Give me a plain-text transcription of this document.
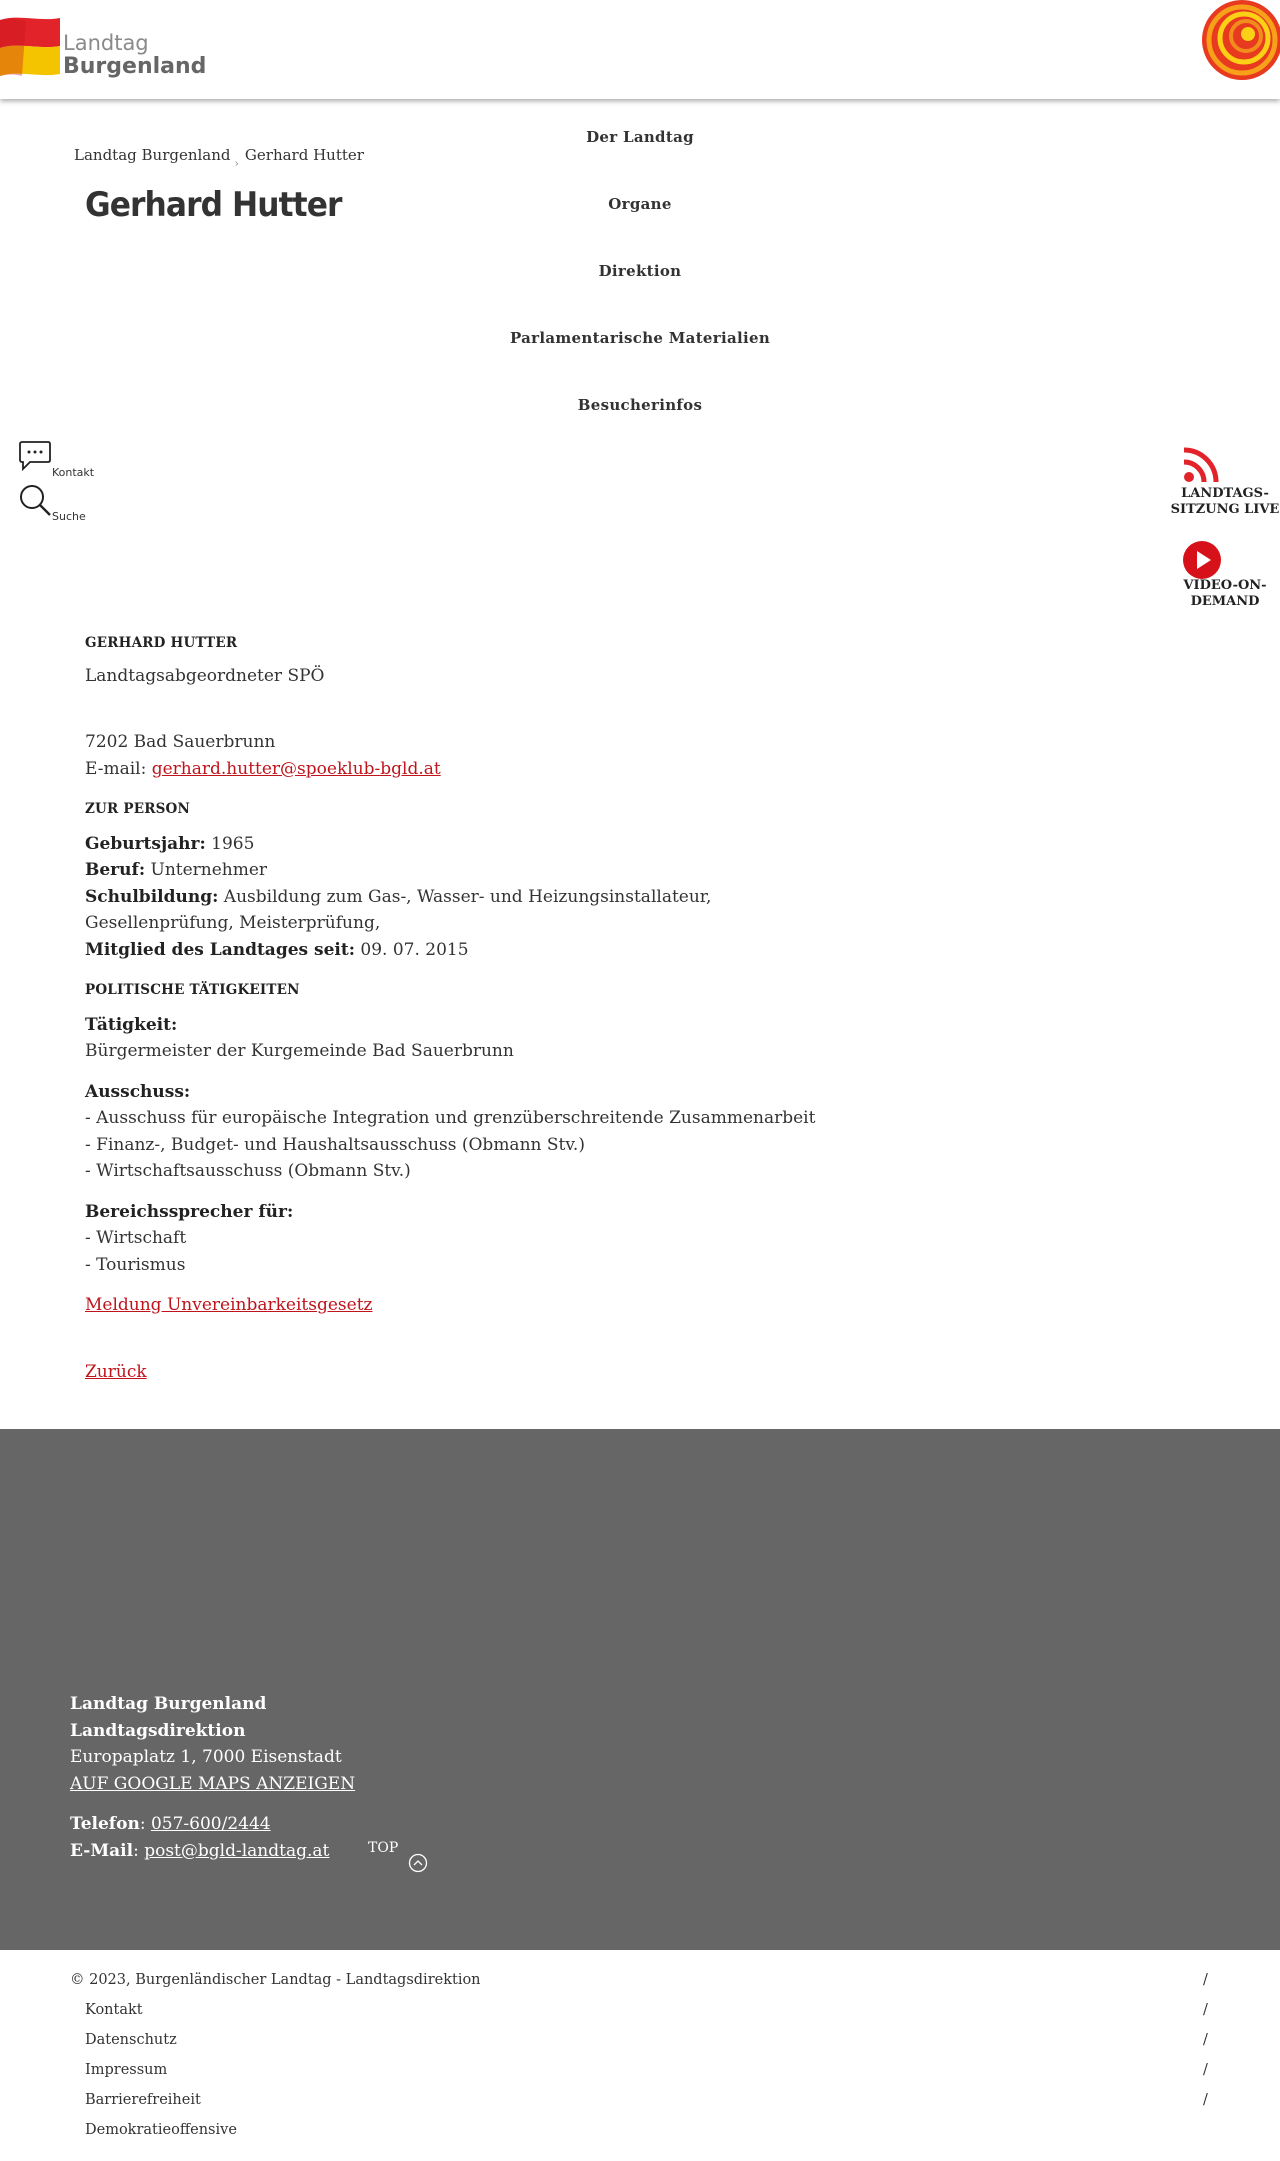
Landtag
Burgenland
Landtag Burgenland $_›$ Gerhard Hutter
Gerhard Hutter
Der Landtag
Organe
Direktion
Parlamentarische Materialien
Besucherinfos
Kontakt
Suche
LANDTAGS-
SITZUNG LIVE
VIDEO-ON-
DEMAND

GERHARD HUTTER

Landtagsabgeordneter SPÖ

7202 Bad Sauerbrunn

E-mail: gerhard.hutter@spoeklub-bgld.at

ZUR PERSON

Geburtsjahr: 1965

Beruf: Unternehmer

Schulbildung: Ausbildung zum Gas-, Wasser- und Heizungsinstallateur, Gesellenprüfung, Meisterprüfung,

Mitglied des Landtages seit: 09. 07. 2015

POLITISCHE TÄTIGKEITEN

Tätigkeit:

Bürgermeister der Kurgemeinde Bad Sauerbrunn

Ausschuss:

- Ausschuss für europäische Integration und grenzüberschreitende Zusammenarbeit

- Finanz-, Budget- und Haushaltsausschuss (Obmann Stv.)

- Wirtschaftsausschuss (Obmann Stv.)

Bereichssprecher für:

- Wirtschaft

- Tourismus

Meldung Unvereinbarkeitsgesetz

Zurück

Landtag Burgenland
Landtagsdirektion
Europaplatz 1, 7000 Eisenstadt
AUF GOOGLE MAPS ANZEIGEN
Telefon: 057-600/2444
E-Mail: post@bgld-landtag.at	TOP
© 2023, Burgenländischer Landtag - Landtagsdirektion	/
Kontakt	/
Datenschutz	/
Impressum	/
Barrierefreiheit	/
Demokratieoffensive
